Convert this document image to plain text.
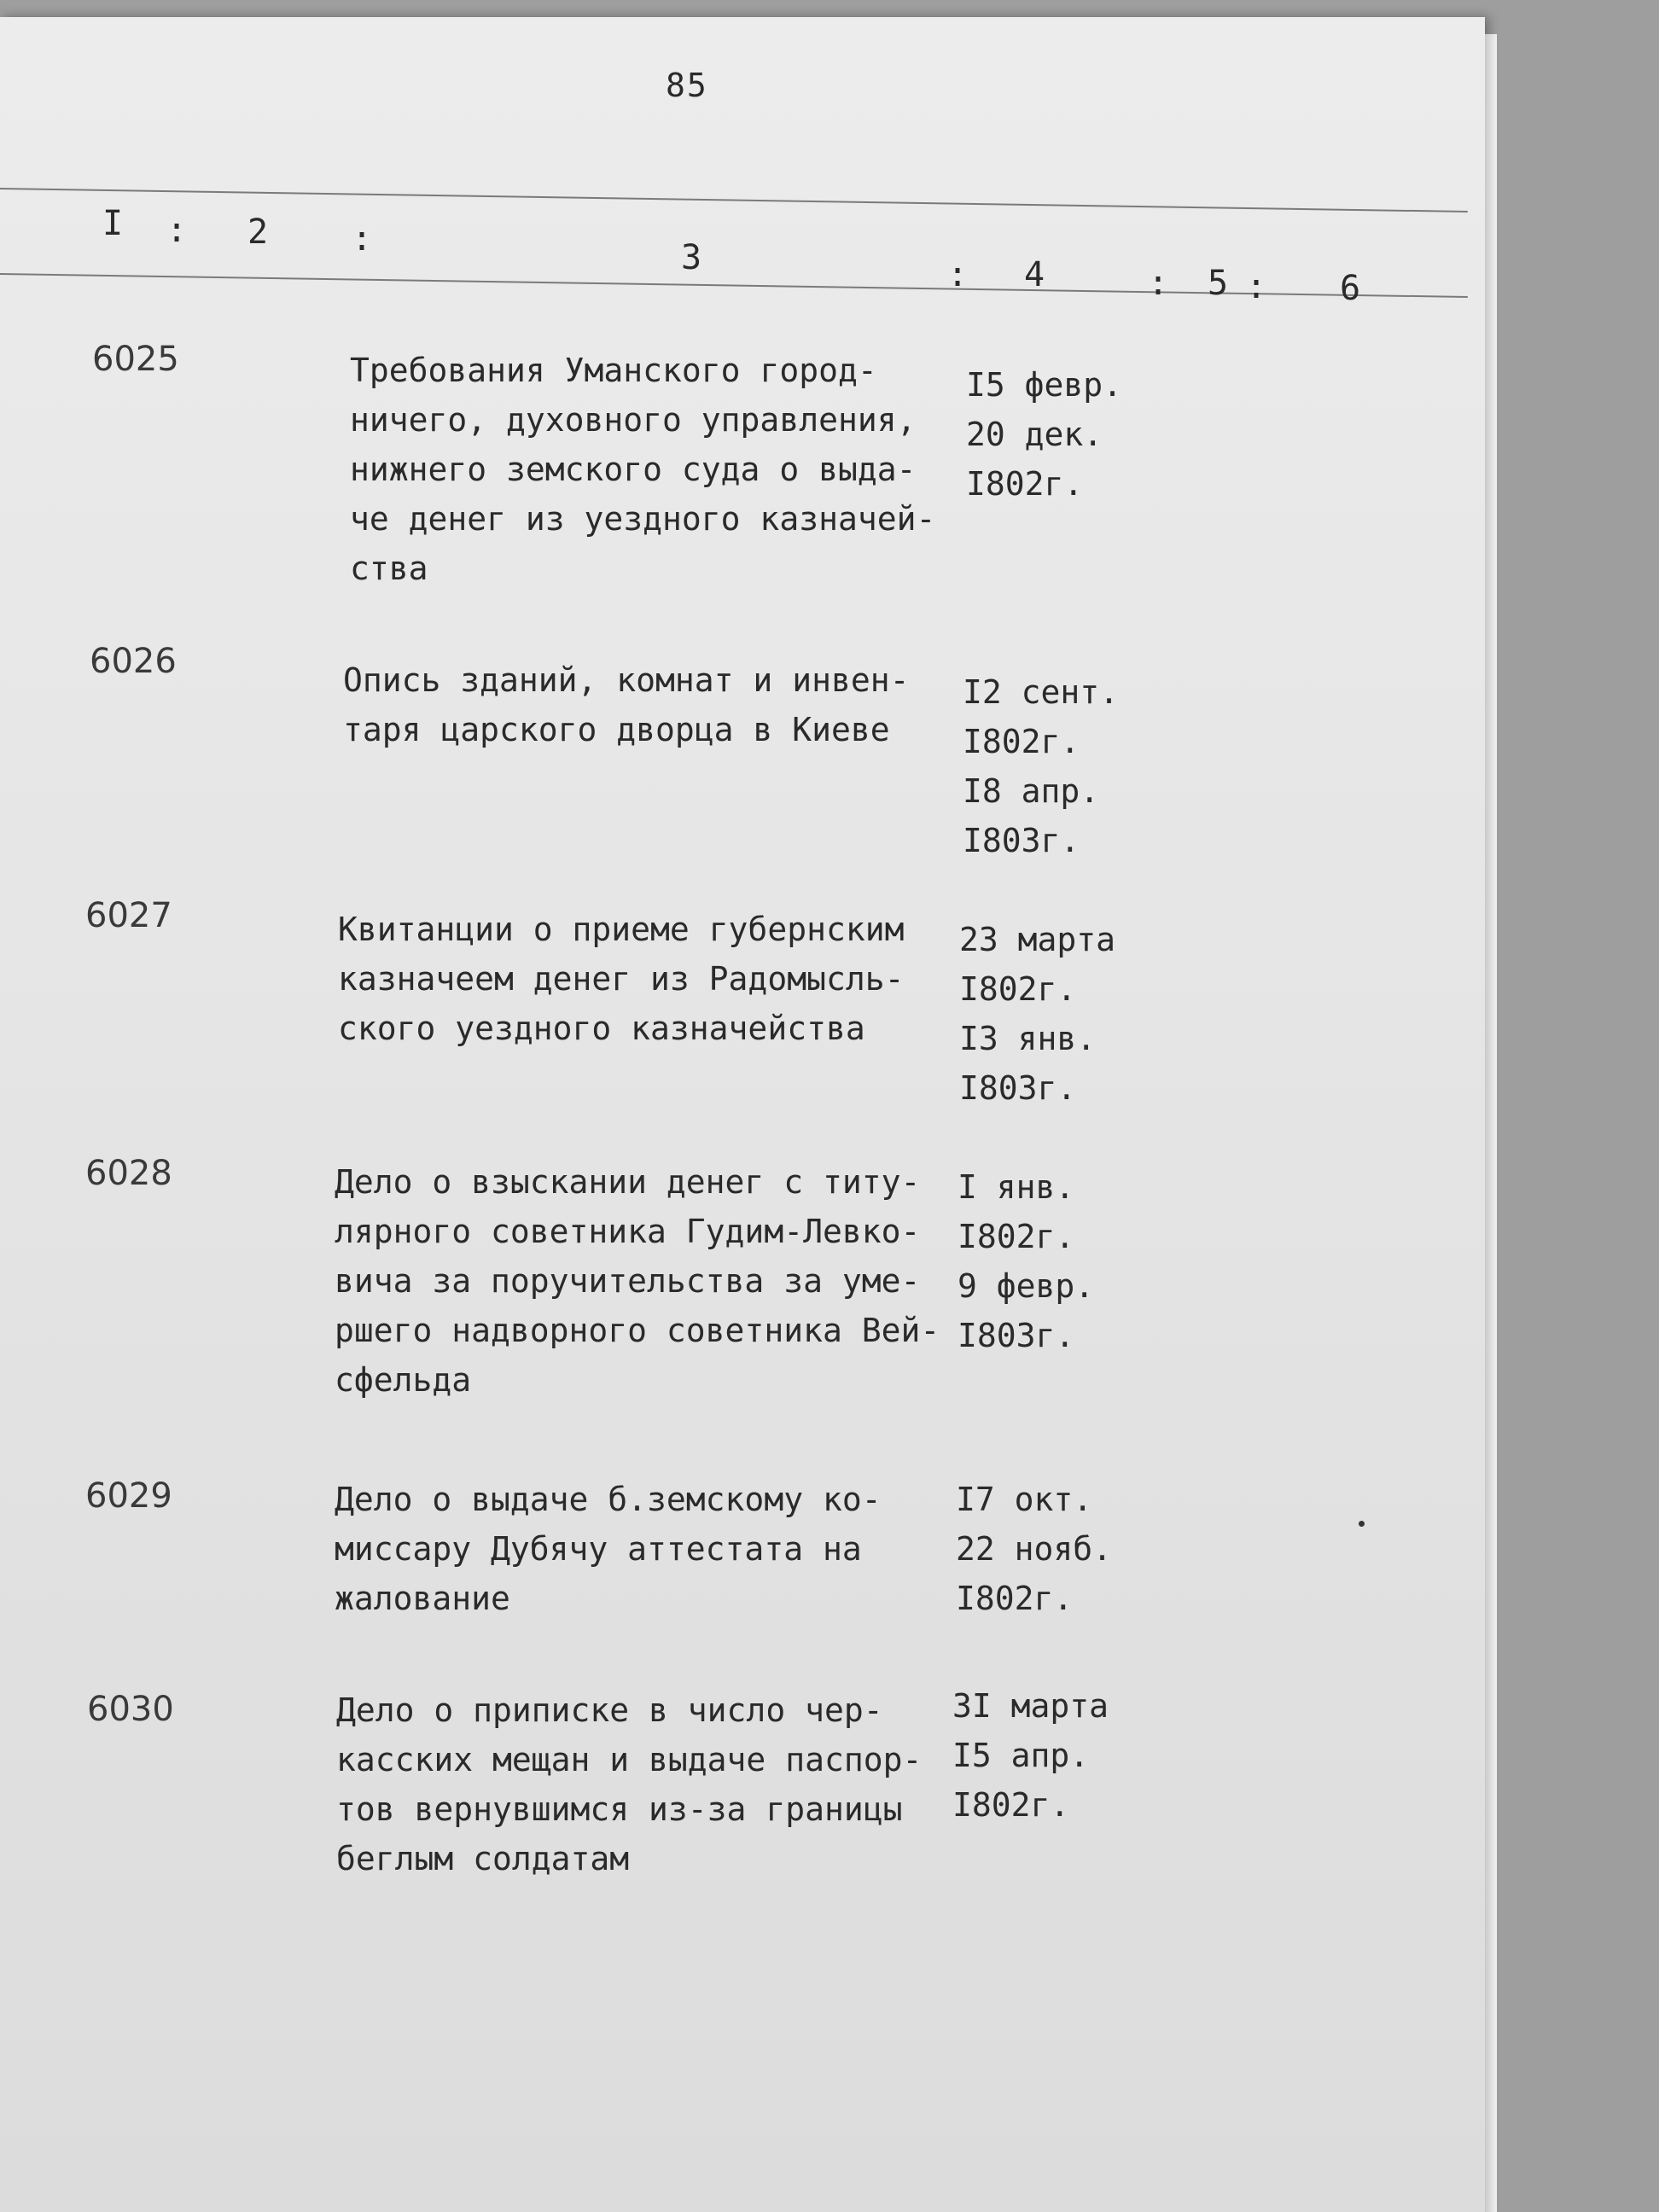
85
I : 2 :	3	: 4	: 5 : 6
6025	Требования Уманского город-
ничего, духовного управления,
нижнего земского суда о выда-
че денег из уездного казначей-
ства
I5 февр.
20 дек.
I802г.
6026	Опись зданий, комнат и инвен-
таря царского дворца в Киеве
I2 сент.
I802г.
I8 апр.
I803г.
6027	Квитанции о приеме губернским
казначеем денег из Радомысль-
ского уездного казначейства
23 марта
I802г.
I3 янв.
I803г.
6028	Дело о взыскании денег с титу-
лярного советника Гудим-Левко-
вича за поручительства за уме-
ршего надворного советника Вей-
сфельда
I янв.
I802г.
9 февр.
I803г.
6029	Дело о выдаче б.земскому ко-
миссару Дубячу аттестата на
жалование
I7 окт.
22 нояб.
I802г.
6030	Дело о приписке в число чер-
касских мещан и выдаче паспор-
тов вернувшимся из-за границы
беглым солдатам
3I марта
I5 апр.
I802г.
